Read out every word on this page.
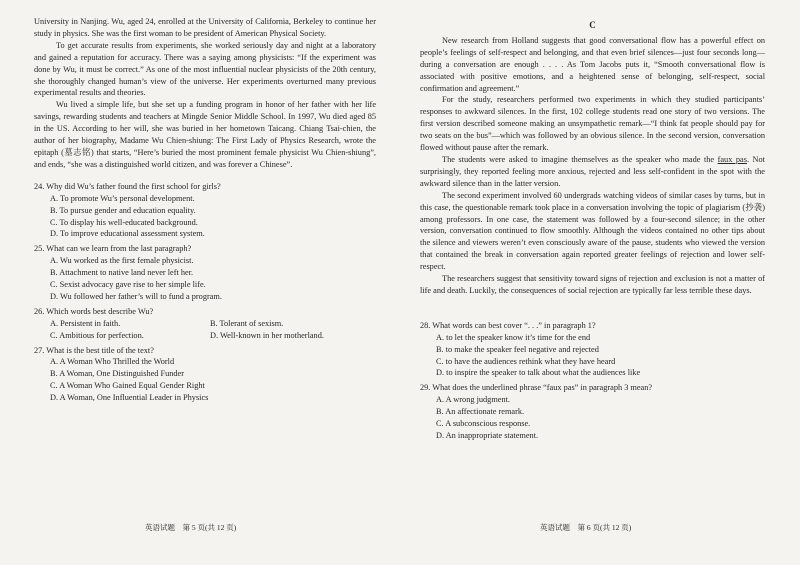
University in Nanjing. Wu, aged 24, enrolled at the University of California, Berkeley to continue her study in physics. She was the first woman to be president of American Physical Society.

To get accurate results from experiments, she worked seriously day and night at a laboratory and gained a reputation for accuracy. There was a saying among physicists: “If the experiment was done by Wu, it must be correct.” As one of the most influential nuclear physicists of the 20th century, she thoroughly changed human’s view of the universe. Her experiments overturned many previous experimental results and theories.

Wu lived a simple life, but she set up a funding program in honor of her father with her life savings, rewarding students and teachers at Mingde Senior Middle School. In 1997, Wu died aged 85 in the US. According to her will, she was buried in her hometown Taicang. Chiang Tsai-chien, the author of her biography, Madame Wu Chien-shiung: The First Lady of Physics Research, wrote the epitaph (墓志铭) that starts, “Here’s buried the most prominent female physicist Wu Chien-shiung”, and ends, “she was a distinguished world citizen, and was forever a Chinese”.

24. Why did Wu’s father found the first school for girls?

A. To promote Wu’s personal development.

B. To pursue gender and education equality.

C. To display his well-educated background.

D. To improve educational assessment system.

25. What can we learn from the last paragraph?

A. Wu worked as the first female physicist.

B. Attachment to native land never left her.

C. Sexist advocacy gave rise to her simple life.

D. Wu followed her father’s will to fund a program.

26. Which words best describe Wu?

A. Persistent in faith.	B. Tolerant of sexism.
C. Ambitious for perfection.	D. Well-known in her motherland.

27. What is the best title of the text?

A. A Woman Who Thrilled the World

B. A Woman, One Distinguished Funder

C. A Woman Who Gained Equal Gender Right

D. A Woman, One Influential Leader in Physics

C

New research from Holland suggests that good conversational flow has a powerful effect on people’s feelings of self-respect and belonging, and that even brief silences—just four seconds long—during a conversation are enough . . . . As Tom Jacobs puts it, “Smooth conversational flow is associated with positive emotions, and a heightened sense of belonging, self-respect, social confirmation and agreement.”

For the study, researchers performed two experiments in which they studied participants’ responses to awkward silences. In the first, 102 college students read one story of two versions. The first version described someone making an unsympathetic remark—“I think fat people should pay for two seats on the bus”—which was followed by an obvious silence. In the second version, conversation flowed without pause after the remark.

The students were asked to imagine themselves as the speaker who made the faux pas. Not surprisingly, they reported feeling more anxious, rejected and less self-confident in the spot with the awkward silence than in the latter version.

The second experiment involved 60 undergrads watching videos of similar cases by turns, but in this case, the questionable remark took place in a conversation involving the topic of plagiarism (抄袭) among professors. In one case, the statement was followed by a four-second silence; in the other version, conversation continued to flow smoothly. Although the videos contained no other tips about the silence and viewers weren’t even consciously aware of the pause, students who viewed the version that contained the break in conversation again reported greater feelings of rejection and lower self-respect.

The researchers suggest that sensitivity toward signs of rejection and exclusion is not a matter of life and death. Luckily, the consequences of social rejection are typically far less terrible these days.

28. What words can best cover “. . .” in paragraph 1?

A. to let the speaker know it’s time for the end

B. to make the speaker feel negative and rejected

C. to have the audiences rethink what they have heard

D. to inspire the speaker to talk about what the audiences like

29. What does the underlined phrase “faux pas” in paragraph 3 mean?

A. A wrong judgment.

B. An affectionate remark.

C. A subconscious response.

D. An inappropriate statement.

英语试题　第 5 页(共 12 页)	英语试题　第 6 页(共 12 页)
